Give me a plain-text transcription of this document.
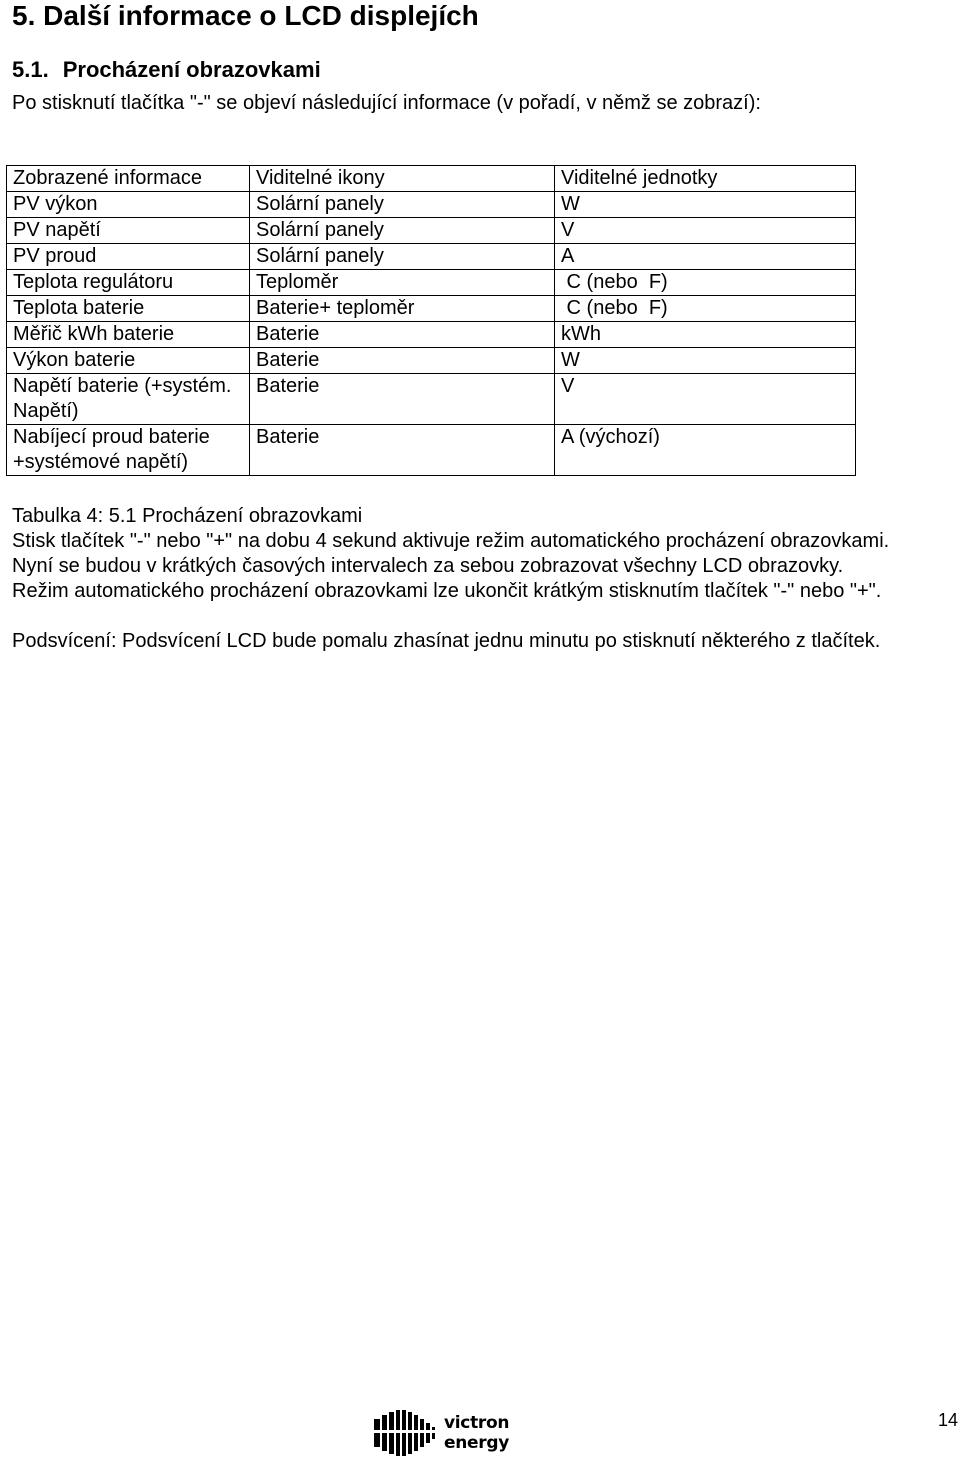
5. Další informace o LCD displejích
5.1. Procházení obrazovkami
Po stisknutí tlačítka "-" se objeví následující informace (v pořadí, v němž se zobrazí):
Zobrazené informace	Viditelné ikony	Viditelné jednotky
PV výkon	Solární panely	W
PV napětí	Solární panely	V
PV proud	Solární panely	A
Teplota regulátoru	Teploměr	C (nebo  F)
Teplota baterie	Baterie+ teploměr	C (nebo  F)
Měřič kWh baterie	Baterie	kWh
Výkon baterie	Baterie	W
Napětí baterie (+systém. Napětí)	Baterie	V
Nabíjecí proud baterie +systémové napětí)	Baterie	A (výchozí)

Tabulka 4: 5.1 Procházení obrazovkami

Stisk tlačítek "-" nebo "+" na dobu 4 sekund aktivuje režim automatického procházení obrazovkami.

Nyní se budou v krátkých časových intervalech za sebou zobrazovat všechny LCD obrazovky.

Režim automatického procházení obrazovkami lze ukončit krátkým stisknutím tlačítek "-" nebo "+".

Podsvícení: Podsvícení LCD bude pomalu zhasínat jednu minutu po stisknutí některého z tlačítek.

victron energy
14
